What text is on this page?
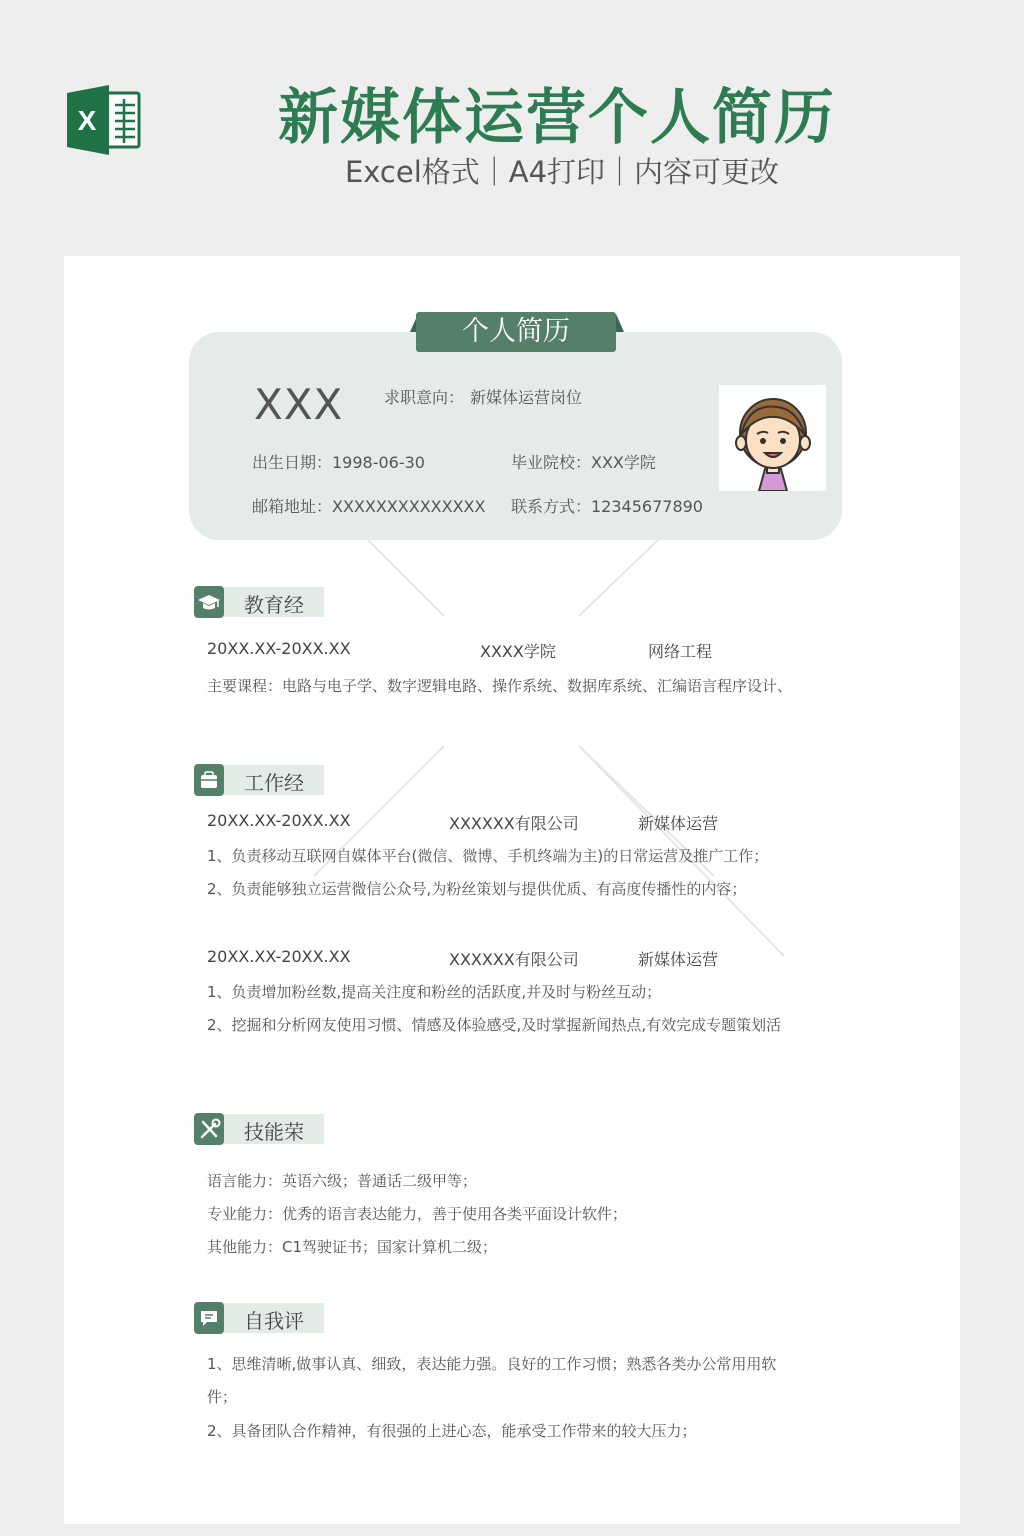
X	新媒体运营个人简历
Excel格式｜A4打印｜内容可更改
个人简历
XXX	求职意向： 新媒体运营岗位
出生日期：1998-06-30	毕业院校：XXX学院
邮箱地址：XXXXXXXXXXXXXX 联系方式：12345677890
教育经
20XX.XX-20XX.XX	XXXX学院	网络工程
主要课程：电路与电子学、数字逻辑电路、操作系统、数据库系统、汇编语言程序设计、
工作经
20XX.XX-20XX.XX	XXXXXX有限公司	新媒体运营
1、负责移动互联网自媒体平台(微信、微博、手机终端为主)的日常运营及推广工作；
2、负责能够独立运营微信公众号,为粉丝策划与提供优质、有高度传播性的内容；
20XX.XX-20XX.XX	XXXXXX有限公司	新媒体运营
1、负责增加粉丝数,提高关注度和粉丝的活跃度,并及时与粉丝互动；
2、挖掘和分析网友使用习惯、情感及体验感受,及时掌握新闻热点,有效完成专题策划活
技能荣
语言能力：英语六级；普通话二级甲等；
专业能力：优秀的语言表达能力，善于使用各类平面设计软件；
其他能力：C1驾驶证书；国家计算机二级；
自我评
1、思维清晰,做事认真、细致，表达能力强。良好的工作习惯；熟悉各类办公常用用软
件；
2、具备团队合作精神，有很强的上进心态，能承受工作带来的较大压力；
